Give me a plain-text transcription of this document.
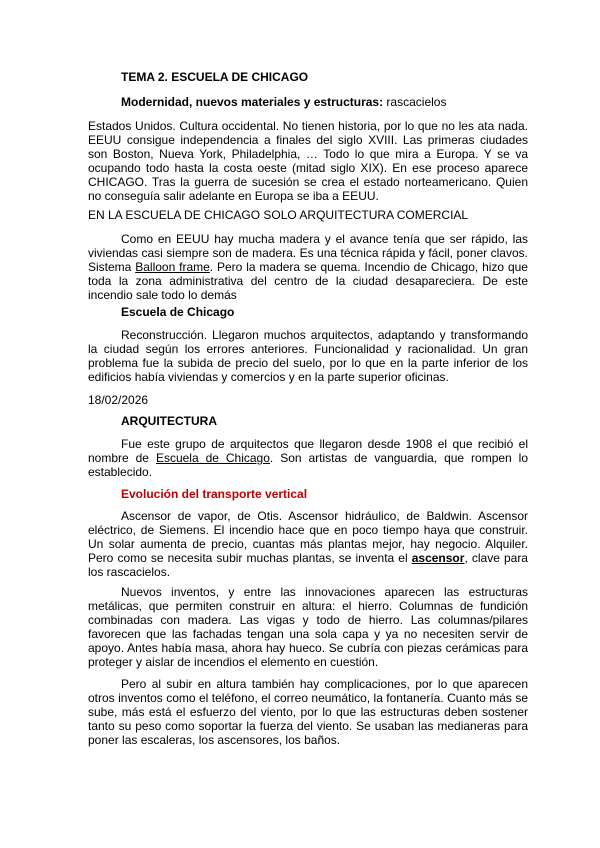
TEMA 2. ESCUELA DE CHICAGO
Modernidad, nuevos materiales y estructuras: rascacielos

Estados Unidos. Cultura occidental. No tienen historia, por lo que no les ata nada. EEUU consigue independencia a finales del siglo XVIII. Las primeras ciudades son Boston, Nueva York, Philadelphia, … Todo lo que mira a Europa. Y se va ocupando todo hasta la costa oeste (mitad siglo XIX). En ese proceso aparece CHICAGO. Tras la guerra de sucesión se crea el estado norteamericano. Quien no conseguía salir adelante en Europa se iba a EEUU.

EN LA ESCUELA DE CHICAGO SOLO ARQUITECTURA COMERCIAL

Como en EEUU hay mucha madera y el avance tenía que ser rápido, las viviendas casi siempre son de madera. Es una técnica rápida y fácil, poner clavos. Sistema Balloon frame. Pero la madera se quema. Incendio de Chicago, hizo que toda la zona administrativa del centro de la ciudad desapareciera. De este incendio sale todo lo demás

Escuela de Chicago

Reconstrucción. Llegaron muchos arquitectos, adaptando y transformando la ciudad según los errores anteriores. Funcionalidad y racionalidad. Un gran problema fue la subida de precio del suelo, por lo que en la parte inferior de los edificios había viviendas y comercios y en la parte superior oficinas.

18/02/2026
ARQUITECTURA

Fue este grupo de arquitectos que llegaron desde 1908 el que recibió el nombre de Escuela de Chicago. Son artistas de vanguardia, que rompen lo establecido.

Evolución del transporte vertical

Ascensor de vapor, de Otis. Ascensor hidráulico, de Baldwin. Ascensor eléctrico, de Siemens. El incendio hace que en poco tiempo haya que construir. Un solar aumenta de precio, cuantas más plantas mejor, hay negocio. Alquiler. Pero como se necesita subir muchas plantas, se inventa el ascensor, clave para los rascacielos.

Nuevos inventos, y entre las innovaciones aparecen las estructuras metálicas, que permiten construir en altura: el hierro. Columnas de fundición combinadas con madera. Las vigas y todo de hierro. Las columnas/pilares favorecen que las fachadas tengan una sola capa y ya no necesiten servir de apoyo. Antes había masa, ahora hay hueco. Se cubría con piezas cerámicas para proteger y aislar de incendios el elemento en cuestión.

Pero al subir en altura también hay complicaciones, por lo que aparecen otros inventos como el teléfono, el correo neumático, la fontanería. Cuanto más se sube, más está el esfuerzo del viento, por lo que las estructuras deben sostener tanto su peso como soportar la fuerza del viento. Se usaban las medianeras para poner las escaleras, los ascensores, los baños.
